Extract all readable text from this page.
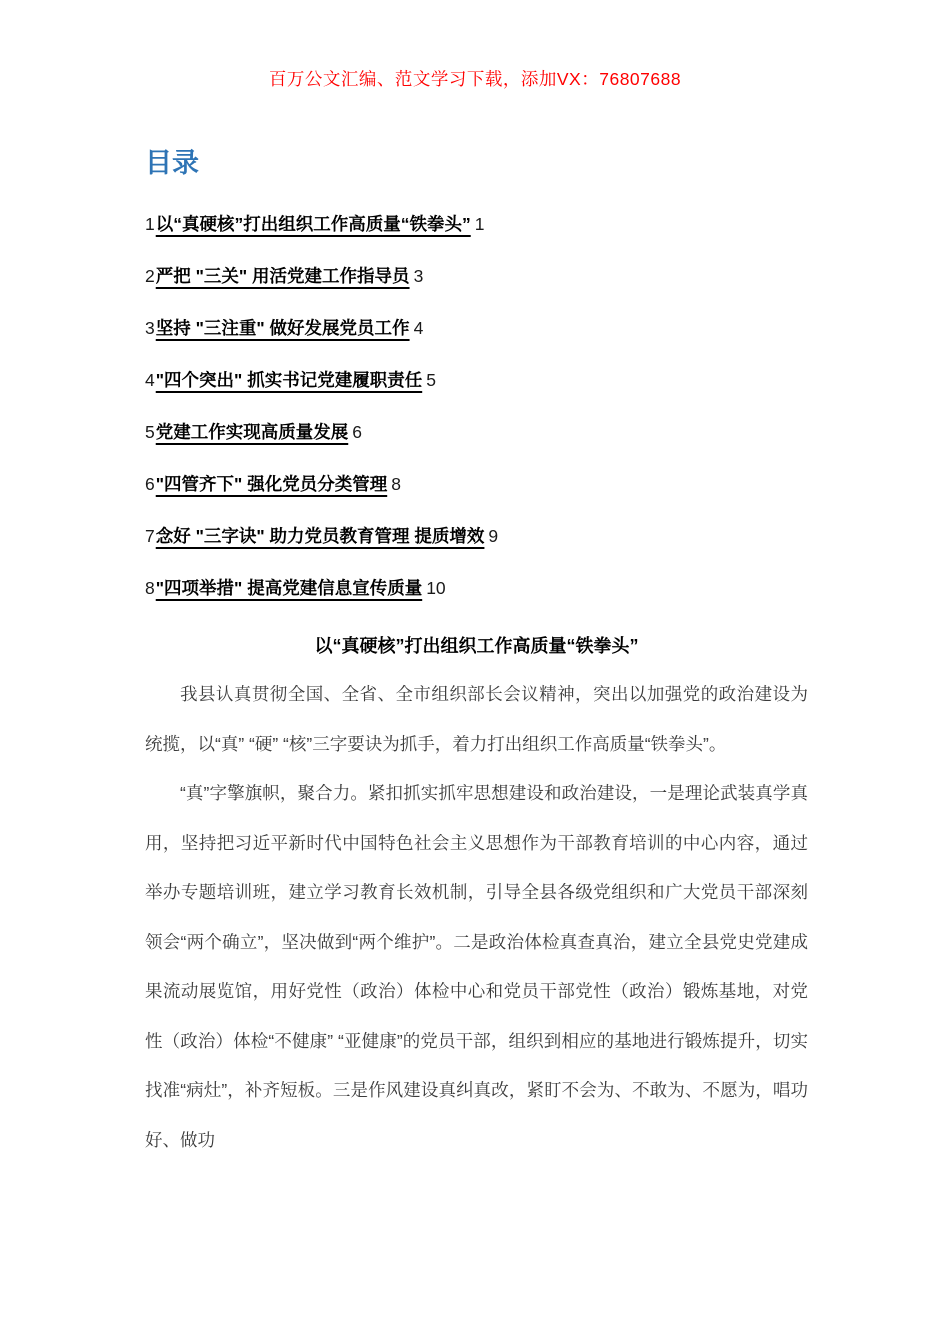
百万公文汇编、范文学习下载，添加VX：76807688
目录
1以“真硬核”打出组织工作高质量“铁拳头” 1
2严把 "三关" 用活党建工作指导员 3
3坚持 "三注重" 做好发展党员工作 4
4"四个突出" 抓实书记党建履职责任 5
5党建工作实现高质量发展 6
6"四管齐下" 强化党员分类管理 8
7念好 "三字诀" 助力党员教育管理 提质增效 9
8"四项举措" 提高党建信息宣传质量 10
以“真硬核”打出组织工作高质量“铁拳头”

我县认真贯彻全国、全省、全市组织部长会议精神，突出以加强党的政治建设为统揽，以“真” “硬” “核”三字要诀为抓手，着力打出组织工作高质量“铁拳头”。

“真”字擎旗帜，聚合力。紧扣抓实抓牢思想建设和政治建设，一是理论武装真学真用，坚持把习近平新时代中国特色社会主义思想作为干部教育培训的中心内容，通过举办专题培训班，建立学习教育长效机制，引导全县各级党组织和广大党员干部深刻领会“两个确立”，坚决做到“两个维护”。二是政治体检真查真治，建立全县党史党建成果流动展览馆，用好党性（政治）体检中心和党员干部党性（政治）锻炼基地，对党性（政治）体检“不健康” “亚健康”的党员干部，组织到相应的基地进行锻炼提升，切实找准“病灶”，补齐短板。三是作风建设真纠真改，紧盯不会为、不敢为、不愿为，唱功好、做功
